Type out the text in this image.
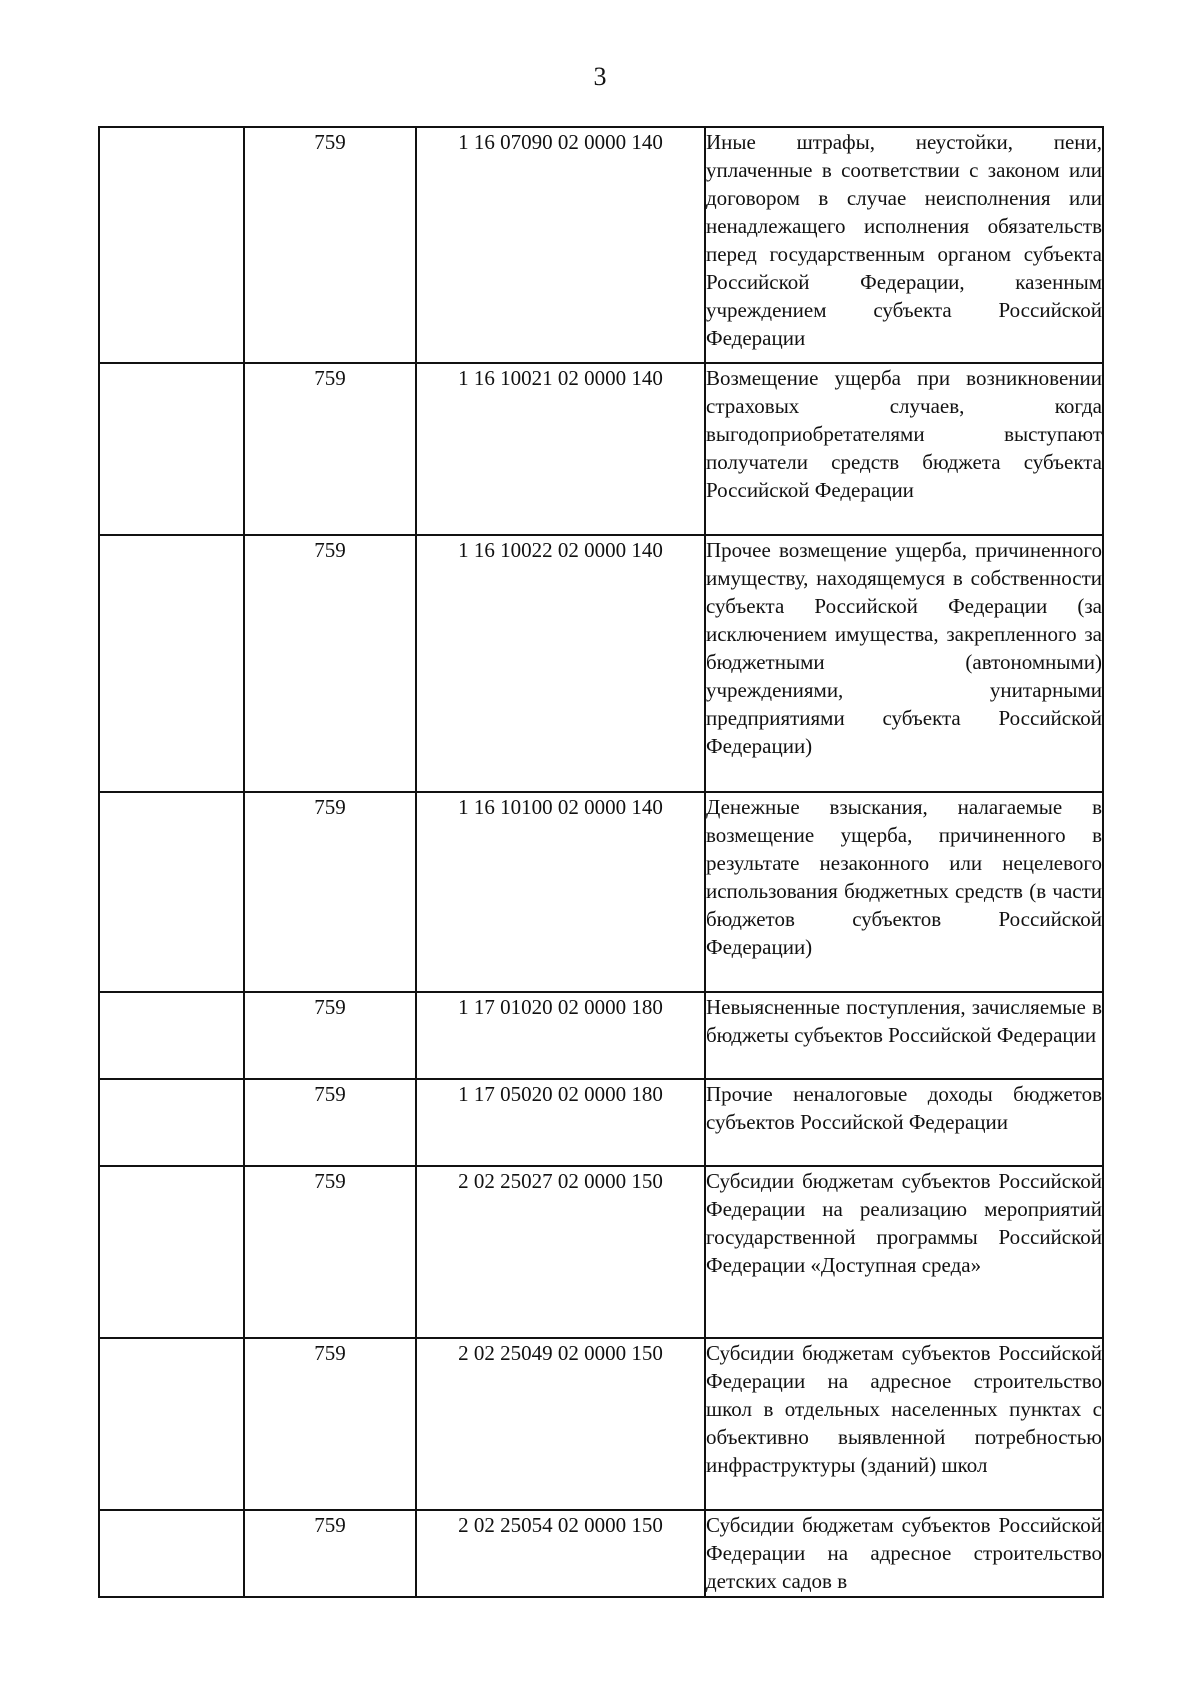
3
	759	1 16 07090 02 0000 140	Иные штрафы, неустойки, пени, уплаченные в соответствии с законом или договором в случае неисполнения или ненадлежащего исполнения обязательств перед государственным органом субъекта Российской Федерации, казенным учреждением субъекта Российской Федерации
	759	1 16 10021 02 0000 140	Возмещение ущерба при возникновении страховых случаев, когда выгодоприобретателями выступают получатели средств бюджета субъекта Российской Федерации
	759	1 16 10022 02 0000 140	Прочее возмещение ущерба, причиненного имуществу, находящемуся в собственности субъекта Российской Федерации (за исключением имущества, закрепленного за бюджетными (автономными) учреждениями, унитарными предприятиями субъекта Российской Федерации)
	759	1 16 10100 02 0000 140	Денежные взыскания, налагаемые в возмещение ущерба, причиненного в результате незаконного или нецелевого использования бюджетных средств (в части бюджетов субъектов Российской Федерации)
	759	1 17 01020 02 0000 180	Невыясненные поступления, зачисляемые в бюджеты субъектов Российской Федерации
	759	1 17 05020 02 0000 180	Прочие неналоговые доходы бюджетов субъектов Российской Федерации
	759	2 02 25027 02 0000 150	Субсидии бюджетам субъектов Российской Федерации на реализацию мероприятий государственной программы Российской Федерации «Доступная среда»
	759	2 02 25049 02 0000 150	Субсидии бюджетам субъектов Российской Федерации на адресное строительство школ в отдельных населенных пунктах с объективно выявленной потребностью инфраструктуры (зданий) школ
	759	2 02 25054 02 0000 150	Субсидии бюджетам субъектов Российской Федерации на адресное строительство детских садов в
